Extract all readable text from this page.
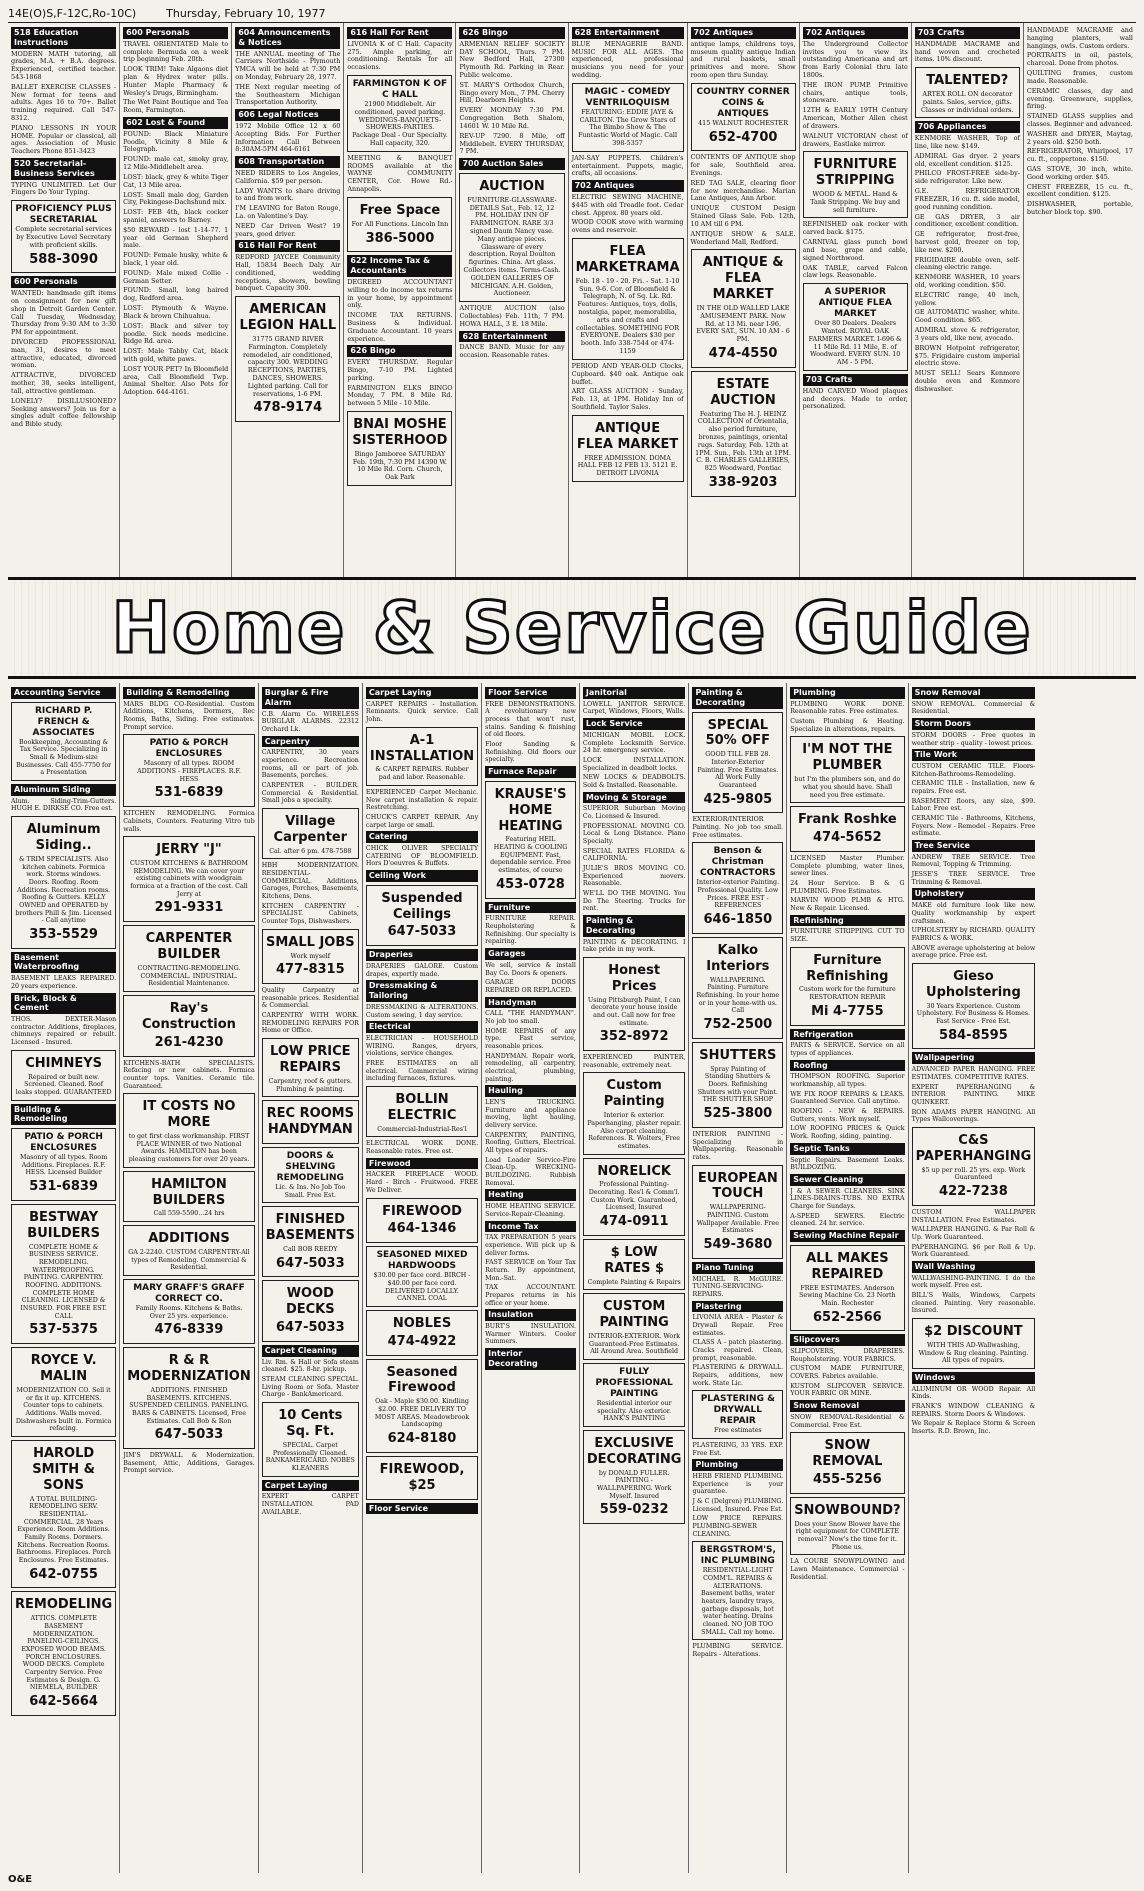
14E(O)S,F-12C,Ro-10C)	Thursday, February 10, 1977
518 Education Instructions
MODERN MATH tutoring, all grades, M.A. + B.A. degrees. Experienced, certified teacher. 543-1868
BALLET EXERCISE CLASSES - New format for teens and adults. Ages 16 to 70+. Ballet training required. Call 547-8312.
PIANO LESSONS IN YOUR HOME. Popular or classical, all ages. Association of Music Teachers Phone 851-3423
520 Secretarial-Business Services
TYPING UNLIMITED. Let Our Fingers Do Your Typing.
PROFICIENCY PLUS SECRETARIAL
Complete secretarial services by Executive Level Secretary with proficient skills.
588-3090
600 Personals
WANTED: handmade gift items on consignment for new gift shop in Detroit Garden Center. Call Tuesday, Wednesday, Thursday from 9:30 AM to 3:30 PM for appointment.
DIVORCED PROFESSIONAL man, 31, desires to meet attractive, educated, divorced woman.
ATTRACTIVE, DIVORCED mother, 38, seeks intelligent, tall, attractive gentleman.
LONELY? DISILLUSIONED? Seeking answers? Join us for a singles adult coffee fellowship and Bible study.
600 Personals
TRAVEL ORIENTATED Male to complete Bermuda on a week trip beginning Feb. 20th.
LOOK TRIM! Take Algaons diet plan & Hydrex water pills. Hunter Maple Pharmacy & Wesley's Drugs, Birmingham.
The Wet Paint Boutique and Tea Room, Farmington.
602 Lost & Found
FOUND: Black Miniature Poodle, Vicinity 8 Mile & Telegraph.
FOUND: male cat, smoky gray, 12 Mile-Middlebelt area.
LOST: black, grey & white Tiger Cat, 13 Mile area.
LOST: Small male dog, Garden City, Pekingese-Dachshund mix.
LOST: FEB 4th, black cocker spaniel, answers to Barney.
$50 REWARD - lost 1-14-77. 1 year old German Shepherd male.
FOUND: Female husky, white & black, 1 year old.
FOUND: Male mixed Collie - German Setter.
FOUND: Small, long haired dog, Redford area.
LOST: Plymouth & Wayne. Black & brown Chihuahua.
LOST: Black and silver toy poodle. Sick needs medicine. Ridge Rd. area.
LOST: Male Tabby Cat, black with gold, white paws.
LOST YOUR PET? In Bloomfield area, Call Bloomfield Twp. Animal Shelter. Also Pets for Adoption. 644-4161.
604 Announcements & Notices
THE ANNUAL meeting of The Carriers Northside - Plymouth YMCA will be held at 7:30 PM on Monday, February 28, 1977.
THE Next regular meeting of the Southeastern Michigan Transportation Authority.
606 Legal Notices
1972 Mobile Office 12 x 60 Accepting Bids. For Further Information Call Between 8:30AM-5PM 464-6161
608 Transportation
NEED RIDERS to Los Angeles, California. $59 per person.
LADY WANTS to share driving to and from work.
I'M LEAVING for Baton Rouge, La. on Valentine's Day.
NEED Car Driven West? 19 years, good driver.
616 Hall For Rent
REDFORD JAYCEE Community Hall, 15834 Beech Daly. Air conditioned, wedding receptions, showers, bowling banquet. Capacity 300.
AMERICAN LEGION HALL
31775 GRAND RIVER Farmington. Completely remodeled, air conditioned, capacity 300. WEDDING RECEPTIONS, PARTIES, DANCES, SHOWERS. Lighted parking. Call for reservations, 1-6 PM.
478-9174
616 Hall For Rent
LIVONIA K of C Hall. Capacity 275. Ample parking, air conditioning. Rentals for all occasions.
FARMINGTON K OF C HALL
21900 Middlebelt. Air conditioned, paved parking. WEDDINGS-BANQUETS-SHOWERS-PARTIES. Package Deal - Our Specialty. Hall capacity, 320.
MEETING & BANQUET ROOMS available at the WAYNE COMMUNITY CENTER, Cor. Howe Rd.-Annapolis.
Free Space
For All Functions. Lincoln Inn
386-5000
622 Income Tax & Accountants
DEGREED ACCOUNTANT willing to do income tax returns in your home, by appointment only.
INCOME TAX RETURNS. Business & Individual. Graduate Accountant. 10 years experience.
626 Bingo
EVERY THURSDAY. Regular Bingo, 7-10 PM. Lighted parking.
FARMINGTON ELKS BINGO Monday, 7 PM. 8 Mile Rd. between 5 Mile - 10 Mile.
BNAI MOSHE SISTERHOOD
Bingo Jamboree SATURDAY Feb. 19th, 7:30 PM 14390 W. 10 Mile Rd. Corn. Church, Oak Park
626 Bingo
ARMENIAN RELIEF SOCIETY DAY SCHOOL, Thurs. 7 PM. New Bedford Hall, 27300 Plymouth Rd. Parking in Rear. Public welcome.
ST. MARY'S Orthodox Church, Bingo every Mon., 7 PM. Cherry Hill, Dearborn Heights.
EVERY MONDAY 7:30 PM. Congregation Beth Shalom, 14601 W. 10 Mile Rd.
REV-UP 7290. 8 Mile, off Middlebelt. EVERY THURSDAY, 7 PM.
700 Auction Sales
AUCTION
FURNITURE-GLASSWARE-DETAILS Sat., Feb. 12, 12 PM. HOLIDAY INN OF FARMINGTON. RARE 3/3 signed Daum Nancy vase. Many antique pieces. Glassware of every description. Royal Doulton figurines. China. Art glass. Collectors items. Terms-Cash. GOLDEN GALLERIES OF MICHIGAN. A.H. Golden, Auctioneer.
ANTIQUE AUCTION (also Collectables) Feb. 11th, 7 PM. HOWA HALL, 3 E. 18 Mile.
628 Entertainment
DANCE BAND. Music for any occasion. Reasonable rates.
628 Entertainment
BLUE MENAGERIE BAND. MUSIC FOR ALL AGES. The experienced, professional musicians you need for your wedding.
MAGIC - COMEDY VENTRILOQUISM
FEATURING: EDDIE JAYE & CARLTON. The Grow Stars of The Bimbo Show & The Funtastic World of Magic. Call 398-5357
JAN-SAY PUPPETS. Children's entertainment. Puppets, magic, crafts, all occasions.
702 Antiques
ELECTRIC SEWING MACHINE, $445 with old Treadle foot. Cedar chest. Approx. 80 years old.
WOOD COOK stove with warming ovens and reservoir.
FLEA MARKETRAMA
Feb. 18 - 19 - 20. Fri. - Sat. 1-10 Sun. 9-6. Cor. of Bloomfield & Telegraph, N. of Sq. Lk. Rd. Features: Antiques, toys, dolls, nostalgia, paper, memorabilia, arts and crafts and collectables. SOMETHING FOR EVERYONE. Dealers $30 per booth. Info 338-7544 or 474-1159
PERIOD AND YEAR-OLD Clocks, Cupboard. $40 oak. Antique oak buffet.
ART GLASS AUCTION - Sunday, Feb. 13, at 1PM. Holiday Inn of Southfield. Taylor Sales.
ANTIQUE FLEA MARKET
FREE ADMISSION. DOMA HALL FEB 12 FEB 13. 5121 E. DETROIT LIVONIA
702 Antiques
antique lamps, childrens toys, museum quality antique Indian and rural baskets, small primitives and more. Show room open thru Sunday.
COUNTRY CORNER COINS & ANTIQUES
415 WALNUT ROCHESTER
652-4700
CONTENTS OF ANTIQUE shop for sale, Southfield area. Evenings.
RED TAG SALE, clearing floor for new merchandise. Marian Lane Antiques, Ann Arbor.
UNIQUE CUSTOM Design Stained Glass Sale. Feb. 12th, 10 AM till 6 PM.
ANTIQUE SHOW & SALE. Wonderland Mall, Redford.
ANTIQUE & FLEA MARKET
IN THE OLD WALLED LAKE AMUSEMENT PARK. Now Rd. at 13 Mi. near I-96. EVERY SAT., SUN. 10 AM - 6 PM.
474-4550
ESTATE AUCTION
Featuring The H. J. HEINZ COLLECTION of Orientalia, also period furniture, bronzes, paintings, oriental rugs. Saturday, Feb. 12th at 1PM. Sun., Feb. 13th at 1PM. C. B. CHARLES GALLERIES, 825 Woodward, Pontiac
338-9203
702 Antiques
The Underground Collector invites you to view its outstanding Americana and art from Early Colonial thru late 1800s.
THE IRON PUMP. Primitive chairs, antique tools, stoneware.
12TH & EARLY 19TH Century American, Mother Allen chest of drawers.
WALNUT VICTORIAN chest of drawers, Eastlake mirror.
FURNITURE STRIPPING
WOOD & METAL. Hand & Tank Stripping. We buy and sell furniture.
REFINISHED oak rocker with carved back. $175.
CARNIVAL glass punch bowl and base, grape and cable, signed Northwood.
OAK TABLE, carved Falcon claw legs. Reasonable.
A SUPERIOR ANTIQUE FLEA MARKET
Over 80 Dealers. Dealers Wanted. ROYAL OAK FARMERS MARKET. I-696 & 11 Mile Rd. 11 Mile, E. of Woodward. EVERY SUN. 10 AM - 5 PM.
703 Crafts
HAND CARVED Wood plaques and decoys. Made to order, personalized.
703 Crafts
HANDMADE MACRAME and hand woven and crocheted items. 10% discount.
TALENTED?
ARTEX ROLL ON decorator paints. Sales, service, gifts. Classes or individual orders.
706 Appliances
KENMORE WASHER, Top of line, like new. $149.
ADMIRAL Gas dryer. 2 years old, excellent condition. $125.
PHILCO FROST-FREE side-by-side refrigerator. Like new.
G.E. REFRIGERATOR FREEZER, 16 cu. ft. side model, good running condition.
GE GAS DRYER, 3 air conditioner, excellent condition.
GE refrigerator, frost-free, harvest gold, freezer on top, like new. $200.
FRIGIDAIRE double oven, self-cleaning electric range.
KENMORE WASHER, 10 years old, working condition. $50.
ELECTRIC range, 40 inch, yellow.
GE AUTOMATIC washer, white. Good condition. $65.
ADMIRAL stove & refrigerator, 3 years old, like new, avocado.
BROWN Hotpoint refrigerator, $75. Frigidaire custom imperial electric stove.
MUST SELL! Sears Kenmore double oven and Kenmore dishwasher.
HANDMADE MACRAME and hanging planters, wall hangings, owls. Custom orders.
PORTRAITS in oil, pastels, charcoal. Done from photos.
QUILTING frames, custom made. Reasonable.
CERAMIC classes, day and evening. Greenware, supplies, firing.
STAINED GLASS supplies and classes. Beginner and advanced.
WASHER and DRYER, Maytag, 2 years old. $250 both.
REFRIGERATOR, Whirlpool, 17 cu. ft., coppertone. $150.
GAS STOVE, 30 inch, white. Good working order. $45.
CHEST FREEZER, 15 cu. ft., excellent condition. $125.
DISHWASHER, portable, butcher block top. $90.
Home & Service Guide
Accounting Service
RICHARD P. FRENCH & ASSOCIATES
Bookkeeping, Accounting & Tax Service. Specializing in Small & Medium-size Businesses. Call 455-7750 for a Presentation
Aluminum Siding
Alum. Siding-Trim-Gutters. HUGH E. DIRKSE CO. Free est.
Aluminum Siding..
& TRIM SPECIALISTS. Also kitchen cabinets. Formica work. Storms windows. Doors. Roofing. Room Additions. Recreation rooms. Roofing & Gutters. KELLY OWNED and OPERATED by brothers Phill & Jim. Licensed - Call anytime
353-5529
Basement Waterproofing
BASEMENT LEAKS REPAIRED. 20 years experience.
Brick, Block & Cement
THOS. DEXTER-Mason contractor. Additions, fireplaces, chimneys repaired or rebuilt. Licensed - Insured.
CHIMNEYS
Repaired or built new. Screened. Cleaned. Roof leaks stopped. GUARANTEED
Building & Remodeling
PATIO & PORCH ENCLOSURES
Masonry of all types. Room Additions. Fireplaces. R.F. HESS. Licensed Builder
531-6839
BESTWAY BUILDERS
COMPLETE HOME & BUSINESS SERVICE. REMODELING. WATERPROOFING. PAINTING. CARPENTRY. ROOFING. ADDITIONS. COMPLETE HOME CLEANING. LICENSED & INSURED. FOR FREE EST. CALL
537-5375
ROYCE V. MALIN
MODERNIZATION CO. Sell it or fix it up. KITCHENS. Counter tops to cabinets. Additions. Walls moved. Dishwashers built in. Formica refacing.
HAROLD SMITH & SONS
A TOTAL BUILDING-REMODELING SERV. RESIDENTIAL-COMMERCIAL. 28 Years Experience. Room Additions. Family Rooms. Dormers. Kitchens. Recreation Rooms. Bathrooms. Fireplaces. Porch Enclosures. Free Estimates.
642-0755
REMODELING
ATTICS. COMPLETE BASEMENT MODERNIZATION. PANELING-CEILINGS. EXPOSED WOOD BEAMS. PORCH ENCLOSURES. WOOD DECKS. Complete Carpentry Service. Free Estimates & Design. G. NIEMELA, BUILDER
642-5664
Building & Remodeling
MARS BLDG CO-Residential. Custom Additions, Kitchens, Dormers, Rec Rooms, Baths, Siding. Free estimates. Prompt service.
PATIO & PORCH ENCLOSURES
Masonry of all types. ROOM ADDITIONS - FIREPLACES. R.F. HESS
531-6839
KITCHEN REMODELING. Formica Cabinets, Counters. Featuring Vitro tub walls.
JERRY "J"
CUSTOM KITCHENS & BATHROOM REMODELING. We can cover your existing cabinets with woodgrain formica at a fraction of the cost. Call Jerry at
291-9331
CARPENTER BUILDER
CONTRACTING-REMODELING. COMMERCIAL. INDUSTRIAL. Residential Maintenance.
Ray's Construction
261-4230
KITCHENS-BATH SPECIALISTS. Refacing or new cabinets. Formica counter tops. Vanities. Ceramic tile. Guaranteed.
IT COSTS NO MORE
to get first class workmanship. FIRST PLACE WINNER of two National Awards. HAMILTON has been pleasing customers for over 20 years.
HAMILTON BUILDERS
Call 559-5590...24 hrs
ADDITIONS
GA 2-2240. CUSTOM CARPENTRY-All types of Remodeling. Commercial & Residential.
MARY GRAFF'S GRAFF CORRECT CO.
Family Rooms. Kitchens & Baths. Over 25 yrs. experience.
476-8339
R & R MODERNIZATION
ADDITIONS. FINISHED BASEMENTS. KITCHENS. SUSPENDED CEILINGS. PANELING. BARS & CABINETS. Licensed, Free Estimates. Call Bob & Ron
647-5033
JIM'S DRYWALL & Modernization. Basement, Attic, Additions, Garages. Prompt service.
Burglar & Fire Alarm
C.B. Alarm Co. WIRELESS BURGLAR ALARMS. 22312 Orchard Lk.
Carpentry
CARPENTRY, 30 years experience. Recreation rooms, all or part of job. Basements, porches.
CARPENTER - BUILDER. Commercial & Residential. Small jobs a specialty.
Village Carpenter
Cal. after 6 pm. 478-7588
HBH MODERNIZATION. RESIDENTIAL-COMMERCIAL. Additions, Garages, Porches, Basements, Kitchens, Dens.
KITCHEN CARPENTRY - SPECIALIST. Cabinets, Counter Tops, Dishwashers.
SMALL JOBS
Work myself
477-8315
Quality Carpentry at reasonable prices. Residential & Commercial.
CARPENTRY WITH WORK. REMODELING REPAIRS FOR Home or Office.
LOW PRICE REPAIRS
Carpentry, roof & gutters. Plumbing & painting.
REC ROOMS HANDYMAN
DOORS & SHELVING REMODELING
Lic. & Ins. No Job Too Small. Free Est.
FINISHED BASEMENTS
Call BOB REEDY
647-5033
WOOD DECKS
647-5033
Carpet Cleaning
Liv. Rm. & Hall or Sofa steam cleaned. $25. 8-hr. pickup.
STEAM CLEANING SPECIAL. Living Room or Sofa. Master Charge - BankAmericard.
10 Cents Sq. Ft.
SPECIAL. Carpet Professionally Cleaned. BANKAMERICARD. NOBES KLEANERS
Carpet Laying
EXPERT CARPET INSTALLATION. PAD AVAILABLE.
Carpet Laying
CARPET REPAIRS - Installation. Remnants. Quick service. Call John.
A-1 INSTALLATION
& CARPET REPAIRS. Rubber pad and labor. Reasonable.
EXPERIENCED Carpet Mechanic. New carpet installation & repair. Restretching.
CHUCK'S CARPET REPAIR. Any carpet large or small.
Catering
CHICK OLIVER SPECIALTY CATERING OF BLOOMFIELD. Hors D'oeuvres & Buffets.
Ceiling Work
Suspended Ceilings
647-5033
Draperies
DRAPERIES GALORE. Custom drapes, expertly made.
Dressmaking & Tailoring
DRESSMAKING & ALTERATIONS. Custom sewing, 1 day service.
Electrical
ELECTRICIAN - HOUSEHOLD WIRING. Ranges, dryers, violations, service changes.
FREE ESTIMATES on all electrical. Commercial wiring including furnaces, fixtures.
BOLLIN ELECTRIC
Commercial-Industrial-Res'l
ELECTRICAL WORK DONE. Reasonable rates. Free est.
Firewood
HACKER FIREPLACE WOOD. Hard - Birch - Fruitwood. FREE We Deliver.
FIREWOOD
464-1346
SEASONED MIXED HARDWOODS
$30.00 per face cord. BIRCH - $40.00 per face cord. DELIVERED LOCALLY. CANNEL COAL
NOBLES
474-4922
Seasoned Firewood
Oak - Maple $30.00. Kindling $2.00. FREE DELIVERY TO MOST AREAS. Meadowbrook Landscaping
624-8180
FIREWOOD, $25
Floor Service
Floor Service
FREE DEMONSTRATIONS. A revolutionary new process that won't rust, stains. Sanding & finishing of old floors.
Floor Sanding & Refinishing. Old floors our specialty.
Furnace Repair
KRAUSE'S HOME HEATING
Featuring HEIL HEATING & COOLING EQUIPMENT. Fast, dependable service. Free estimates, of course
453-0728
Furniture
FURNITURE REPAIR. Reupholstering & Refinishing. Our specialty is repairing.
Garages
We sell, service & install Bay Co. Doors & openers.
GARAGE DOORS REPAIRED OR REPLACED.
Handyman
CALL "THE HANDYMAN". No job too small.
HOME REPAIRS of any type. Fast service, reasonable prices.
HANDYMAN. Repair work, remodeling, all carpentry, electrical, plumbing, painting.
Hauling
LEN'S TRUCKING. Furniture and appliance moving, light hauling, delivery service.
CARPENTRY, PAINTING, Roofing, Gutters, Electrical. All types of repairs.
Load Loader Service-Fire Clean-Up. WRECKING-BUILDOZING. Rubbish Removal.
Heating
HOME HEATING SERVICE. Service-Repair-Cleaning.
Income Tax
TAX PREPARATION 5 years experience. Will pick up & deliver forms.
FAST SERVICE on Your Tax Return. By appointment, Mon.-Sat.
TAX ACCOUNTANT. Prepares returns in his office or your home.
Insulation
BURT'S INSULATION. Warmer Winters. Cooler Summers.
Interior Decorating
Janitorial
LOWELL JANITOR SERVICE. Carpet, Windows, Floors, Walls.
Lock Service
MICHIGAN MOBIL LOCK. Complete Locksmith Service. 24 hr. emergency service.
LOCK INSTALLATION. Specialized in deadbolt locks.
NEW LOCKS & DEADBOLTS. Sold & Installed. Reasonable.
Moving & Storage
SUPERIOR Suburban Moving Co. Licensed & Insured.
PROFESSIONAL MOVING CO. Local & Long Distance. Piano Specialty.
SPECIAL RATES FLORIDA & CALIFORNIA.
JULIE'S BROS MOVING CO. Experienced movers. Reasonable.
WE'LL DO THE MOVING. You Do The Steering. Trucks for rent.
Painting & Decorating
PAINTING & DECORATING. I take pride in my work.
Honest Prices
Using Pittsburgh Paint, I can decorate your house inside and out. Call now for free estimate.
352-8972
EXPERIENCED PAINTER, reasonable, extremely neat.
Custom Painting
Interior & exterior. Paperhanging, plaster repair. Also carpet cleaning. References. R. Wolters, Free estimates.
NORELICK
Professional Painting-Decorating. Res'l & Comm'l. Custom Work. Guaranteed, Licensed, Insured
474-0911
$ LOW RATES $
Complete Painting & Repairs
CUSTOM PAINTING
INTERIOR-EXTERIOR. Work Guaranteed-Free Estimates. All Around Area. Southfield
FULLY PROFESSIONAL PAINTING
Residential interior our specialty. Also exterior. HANK'S PAINTING
EXCLUSIVE DECORATING
by DONALD FULLER. PAINTING - WALLPAPERING. Work Myself. Insured
559-0232
Painting & Decorating
SPECIAL 50% OFF
GOOD TILL FEB 28. Interior-Exterior Painting. Free Estimates. All Work Fully Guaranteed
425-9805
EXTERIOR/INTERIOR Painting. No job too small. Free estimates.
Benson & Christman CONTRACTORS
Interior-exterior Painting. Professional Quality. Low Prices. FREE EST - REFERENCES
646-1850
Kalko Interiors
WALLPAPERING. Painting. Furniture Refinishing. In your home or in your home-with us. Call
752-2500
SHUTTERS
Spray Painting of Standing Shutters & Doors. Refinishing Shutters with your Paint. THE SHUTTER SHOP
525-3800
INTERIOR PAINTING - Specializing in Wallpapering. Reasonable rates.
EUROPEAN TOUCH
WALLPAPERING-PAINTING. Custom Wallpaper Available. Free Estimates
549-3680
Piano Tuning
MICHAEL R. McGUIRE. TUNING-SERVICING-REPAIRS.
Plastering
LIVONIA AREA - Plaster & Drywall Repair. Free estimates.
CLASS A - patch plastering. Cracks repaired. Clean, prompt, reasonable.
PLASTERING & DRYWALL. Repairs, additions, new work. State Lic.
PLASTERING & DRYWALL REPAIR
Free estimates
PLASTERING, 33 YRS. EXP. Free Est.
Plumbing
HERB FRIEND PLUMBING. Experience is your guarantee.
J & C (Delgren) PLUMBING. Licensed, Insured. Free Est.
LOW PRICE REPAIRS. PLUMBING-SEWER CLEANING.
BERGSTROM'S, INC PLUMBING
RESIDENTIAL-LIGHT COMM'L. REPAIRS & ALTERATIONS. Basement baths, water heaters, laundry trays, garbage disposals, hot water heating. Drains cleaned. NO JOB TOO SMALL. Call my home.
PLUMBING SERVICE. Repairs - Alterations.
Plumbing
PLUMBING WORK DONE. Reasonable rates. Free estimates.
Custom Plumbing & Heating. Specialize in alterations, repairs.
I'M NOT THE PLUMBER
but I'm the plumbers son, and do what you should have. Shall need you free estimate.
Frank Roshke
474-5652
LICENSED Master Plumber. Complete plumbing, water lines, sewer lines.
24 Hour Service. B & G PLUMBING. Free Estimates.
MARVIN WOOD PLMB & HTG. New & Repair. Licensed.
Refinishing
FURNITURE STRIPPING. CUT TO SIZE.
Furniture Refinishing
Custom work for the furniture RESTORATION REPAIR
Mi 4-7755
Refrigeration
PARTS & SERVICE. Service on all types of appliances.
Roofing
THOMPSON ROOFING. Superior workmanship, all types.
WE FIX ROOF REPAIRS & LEAKS. Guaranteed Service. Call anytime.
ROOFING - NEW & REPAIRS. Gutters, vents. Work myself.
LOW ROOFING PRICES & Quick Work. Roofing, siding, painting.
Septic Tanks
Septic Repairs. Basement Leaks. BUILDOZING.
Sewer Cleaning
J & A SEWER CLEANERS. SINK LINES-DRAINS-TUBS. NO EXTRA Charge for Sundays.
A-SPEED SEWERS. Electric cleaned. 24 hr. service.
Sewing Machine Repair
ALL MAKES REPAIRED
FREE ESTIMATES. Anderson Sewing Machine Co. 23 North Main. Rochester
652-2566
Slipcovers
SLIPCOVERS, DRAPERIES. Reupholstering. YOUR FABRICS.
CUSTOM MADE FURNITURE, COVERS. Fabrics available.
KUSTOM SLIPCOVER SERVICE. YOUR FABRIC OR MINE.
Snow Removal
SNOW REMOVAL-Residential & Commercial. Free Est.
SNOW REMOVAL
455-5256
SNOWBOUND?
Does your Snow Blower have the right equipment for COMPLETE removal? Now's the time for it. Phone us.
LA COURE SNOWPLOWING and Lawn Maintenance. Commercial - Residential.
Snow Removal
SNOW REMOVAL. Commercial & Residential.
Storm Doors
STORM DOORS - Free quotes in weather strip - quality - lowest prices.
Tile Work
CUSTOM CERAMIC TILE. Floors-Kitchen-Bathrooms-Remodeling.
CERAMIC TILE - Installation, new & repairs. Free est.
BASEMENT floors, any size, $99. Labor. Free est.
CERAMIC Tile - Bathrooms, Kitchens, Foyers. New - Remodel - Repairs. Free estimate.
Tree Service
ANDREW TREE SERVICE. Tree Removal, Topping & Trimming.
JESSE'S TREE SERVICE. Tree Trimming & Removal.
Upholstery
MAKE old furniture look like new. Quality workmanship by expert craftsmen.
UPHOLSTERY by RICHARD. QUALITY FABRICS & WORK.
ABOVE average upholstering at below average price. Free est.
Gieso Upholstering
30 Years Experience. Custom Upholstery. For Business & Homes. Fast Service - Free Est.
584-8595
Wallpapering
ADVANCED PAPER HANGING. FREE ESTIMATES. COMPETITIVE RATES.
EXPERT PAPERHANGING & INTERIOR PAINTING. MIKE QUINKERT.
RON ADAMS PAPER HANGING. All Types Wallcoverings.
C&S PAPERHANGING
$5 up per roll. 25 yrs. exp. Work Guaranteed
422-7238
CUSTOM WALLPAPER INSTALLATION. Free Estimates.
WALLPAPER HANGING. & Par Roll & Up. Work Guaranteed.
PAPERHANGING. $6 per Roll & Up. Work Guaranteed.
Wall Washing
WALLWASHING-PAINTING. I do the work myself. Free est.
BILL'S Walls, Windows, Carpets cleaned. Painting. Very reasonable. Insured.
$2 DISCOUNT
WITH THIS AD-Wallwashing, Window & Rug cleaning. Painting. All types of repairs.
Windows
ALUMINUM OR WOOD Repair. All Kinds.
FRANK'S WINDOW CLEANING & REPAIRS. Storm Doors & Windows.
We Repair & Replace Storm & Screen Inserts. R.D. Brown, Inc.
O&E
